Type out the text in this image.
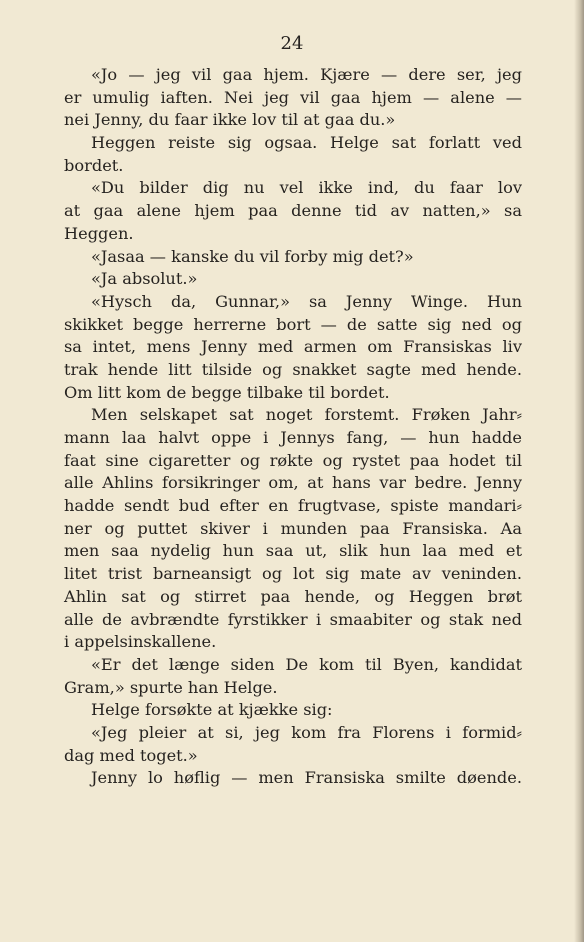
24
«Jo — jeg vil gaa hjem. Kjære — dere ser, jeg
er umulig iaften. Nei jeg vil gaa hjem — alene —
nei Jenny, du faar ikke lov til at gaa du.»
Heggen reiste sig ogsaa. Helge sat forlatt ved
bordet.
«Du bilder dig nu vel ikke ind, du faar lov
at gaa alene hjem paa denne tid av natten,» sa
Heggen.
«Jasaa — kanske du vil forby mig det?»
«Ja absolut.»
«Hysch da, Gunnar,» sa Jenny Winge. Hun
skikket begge herrerne bort — de satte sig ned og
sa intet, mens Jenny med armen om Fransiskas liv
trak hende litt tilside og snakket sagte med hende.
Om litt kom de begge tilbake til bordet.
Men selskapet sat noget forstemt. Frøken Jahr⸗
mann laa halvt oppe i Jennys fang, — hun hadde
faat sine cigaretter og røkte og rystet paa hodet til
alle Ahlins forsikringer om, at hans var bedre. Jenny
hadde sendt bud efter en frugtvase, spiste mandari⸗
ner og puttet skiver i munden paa Fransiska. Aa
men saa nydelig hun saa ut, slik hun laa med et
litet trist barneansigt og lot sig mate av veninden.
Ahlin sat og stirret paa hende, og Heggen brøt
alle de avbrændte fyrstikker i smaabiter og stak ned
i appelsinskallene.
«Er det længe siden De kom til Byen, kandidat
Gram,» spurte han Helge.
Helge forsøkte at kjække sig:
«Jeg pleier at si, jeg kom fra Florens i formid⸗
dag med toget.»
Jenny lo høflig — men Fransiska smilte døende.
